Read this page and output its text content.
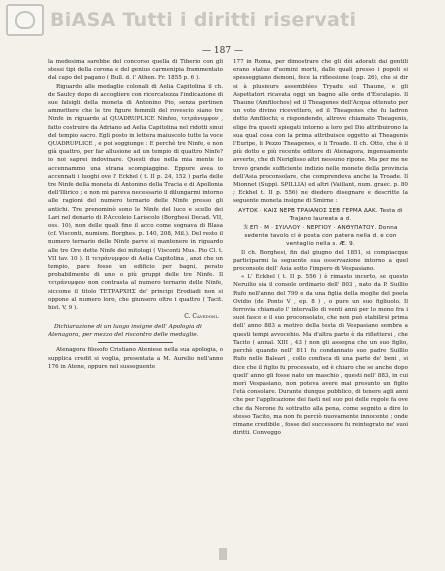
BiASA Tutti i diritti riservati
— 187 —

la medesima sarebbe del concorso quella di Tiberio con gli stessi tipi della corona e del genius carmenipia frammentato dal capo del pagano ( Bull. d. l' Athen. Fr. 1855 p. 6 ).

Riguardo alle medaglie colonali di Aelia Capitolina il ch. de Saulcy dopo di accogliere con ricercatezza l'indicazione di sue falsigli della moneta di Antonino Pio, senza pertinen ammettere che le tre figure femmili del rovescio siano tre Ninfe in riguardo al QUADRUPLICE Ninfeo, τετράνυμφον , fatto costruire da Adriano ad Aelia Capitolina nel ridotti sinui del tempio sacro. Egli posto in lettera maiuscolo tutte la voce QUADRUPLICE , e poi soggiunge : E perchè tre Ninfe, e non già quattro, per far allusione ad un tempio di quattro Ninfe? io noi saprei indovinare. Questi due nella mia mente lo accennammo una strana scompiaggine. Eppure avea io accennati i luoghi ove l' Eckhel ( t. II p. 24, 152 ) parla delle tre Ninfe della moneta di Antonino della Tracia e di Apollonia dell'Illirico ; e non mi pareva necessario il dilungarmi intorno alle ragioni del numero ternario delle Ninfe presso gli antichi. Tre prenominò sono le Ninfe del luco e scello dei Lari nel denario di P.Accoleio Lariscolo (Borghesi Decad. VII, oss. 10), non delle quali fine il acco come sognava di Blasa (cf. Visconti, numism. Borghes. p. 140, 208, Mil.). Del resto il numero ternario delle Ninfe parve si mantenere in riguardo alle tre Ore dette Ninfe dei mitologi ( Visconti Mus. Pio Cl. t. VII tav. 10 ). Il τετράνυμφον di Aelia Capitolina , anzi che un tempio, pare fosse un edificio per bagni, perato probabilmente di uno o più gruppi delle tre Ninfe. Il τετράνυμφον non contrasta al numero ternario delle Ninfe, siccome il titolo ΤΕΤΡΑΡΧΗΣ de' principi Erodiadi non si oppone al numero loro, che giunsero oltre i quattro ( Tacit. hist. V, 9 ).

C. Cavedoni.
Dichiarazione di un luogo insigne dell' Apologia di Atenagora, per mezzo del riscontro delle medaglie.

Atenagora filosofo Cristiano Ateniese nella sua apologia, o supplica credit si voglia, presentata a M. Aurelio nell'anno 176 in Atene, oppure nel susseguente

177 in Roma, per dimostrare che gli dèi adorati dai gentili erano statue d'uomini morti, dalle quali presso i popoli si spesseggiano demoni, fece la riflessione (cap. 26), che si dir si à plusieurs assemblées Tryadu sul Thaune, e gli Aspettatori ricavata oggi un bagno alle orde d'Esculapio. Il Thaune (Amfilochos) ed il Theagenes dell'Acqua ottenuto per un voto divino ricevettero, ed il Theagenes che fu ladron detto Amfilochi; e rispondendo, altrove chiamato Theagenis, elige fra questi spiegati intorno a loro pel Dio attribuirono la sua qual cosa con la prima attribuisce oggetto ai Theagenis l'Euripe, li Pezzo Theagenes, e li Troade. Il ch. Otto, che è il più dotto e più recente editore di Atenagora, ingenuamente avverte, che di Neriglisso altri nessuno ripone. Ma per me ne trovo grande sufficiente indizio nelle monete della provincia dell'Asia proconsolare, che comprendeva anche la Troade. Il Mionnet (Suppl. SPILLIA) ed altri (Vaillant, num. graec. p. 80 ; Eckhel t. II p. 556) ne diedero disegnare e descritte la seguente moneta insigne di Smirne :

ΑΥΤΟΚ · ΚΑΙΣ ΝΕΡΒ ΤΡΑΙΑΝΟΣ ΣΕΒ ΓΕΡΜΑ ΔΑΚ. Testa di Trajano laureata a d.
ℛ ΕΠ · Μ · ΣΥΙΛΛΟΥ · ΝΕΡΓΙΟΥ · ΑΝΘΥΠΑΤΟΥ. Donna sedente tavolo ci è posta con patera nella d. e con ventaglio nella s. Æ. 9.

Il ch. Borghesi, fin dal giugno del 1851, si compiacque participarmi la seguente sua osservazione intorno a quel proconsole dell' Asia sotto l'impero di Vespasiano.

« L' Eckhel ( t. II p. 556 ) è rimasto incerto, se questo Neruilio sia il console ordinario dell' 803 , nato da P. Suillio Rufo nell'anno del 799 e da una figlia della moglie del poeta Ovidio (de Ponto V , ep. 8 ) , o pure un suo figliuolo. Il ferrovia chiamato l' intervallo di venti anni per lo meno fra i suoi fasce e il suo proconsolato, che non può stabilirsi prima dell' anno 883 a motivo della testa di Vespasiano sembra a questi tempi avvocehio. Ma d'altra parte è da riflettersi , che Tacito ( annal. XIII , 43 ) non gli assegna che un suo figlio, perchè quando nell' 811 fu condannato suo padre Suillio Rufo nelle Baleari , collo confisca di una parte de' beni , si dice che il figlio fu processato, ed è chiaro che se anche dopo quell' anno gli fosse nato un maschio , questi nell' 883, in cui morì Vespasiano, non poteva avere mai presunto un figlio l'età consolare. Durante dunque pubblico, di tenere agli anni che per l'applicazione dei fasti nel suo poi delle regole fa ove che da Nerone fu sottratto alla pena, come segnito a dire lo stesso Tacito, ma non fu perciò nuovamente innocente ; onde rimane credibile , fosse del successore fu reintegrato ne' suoi diritti. Conveggo
